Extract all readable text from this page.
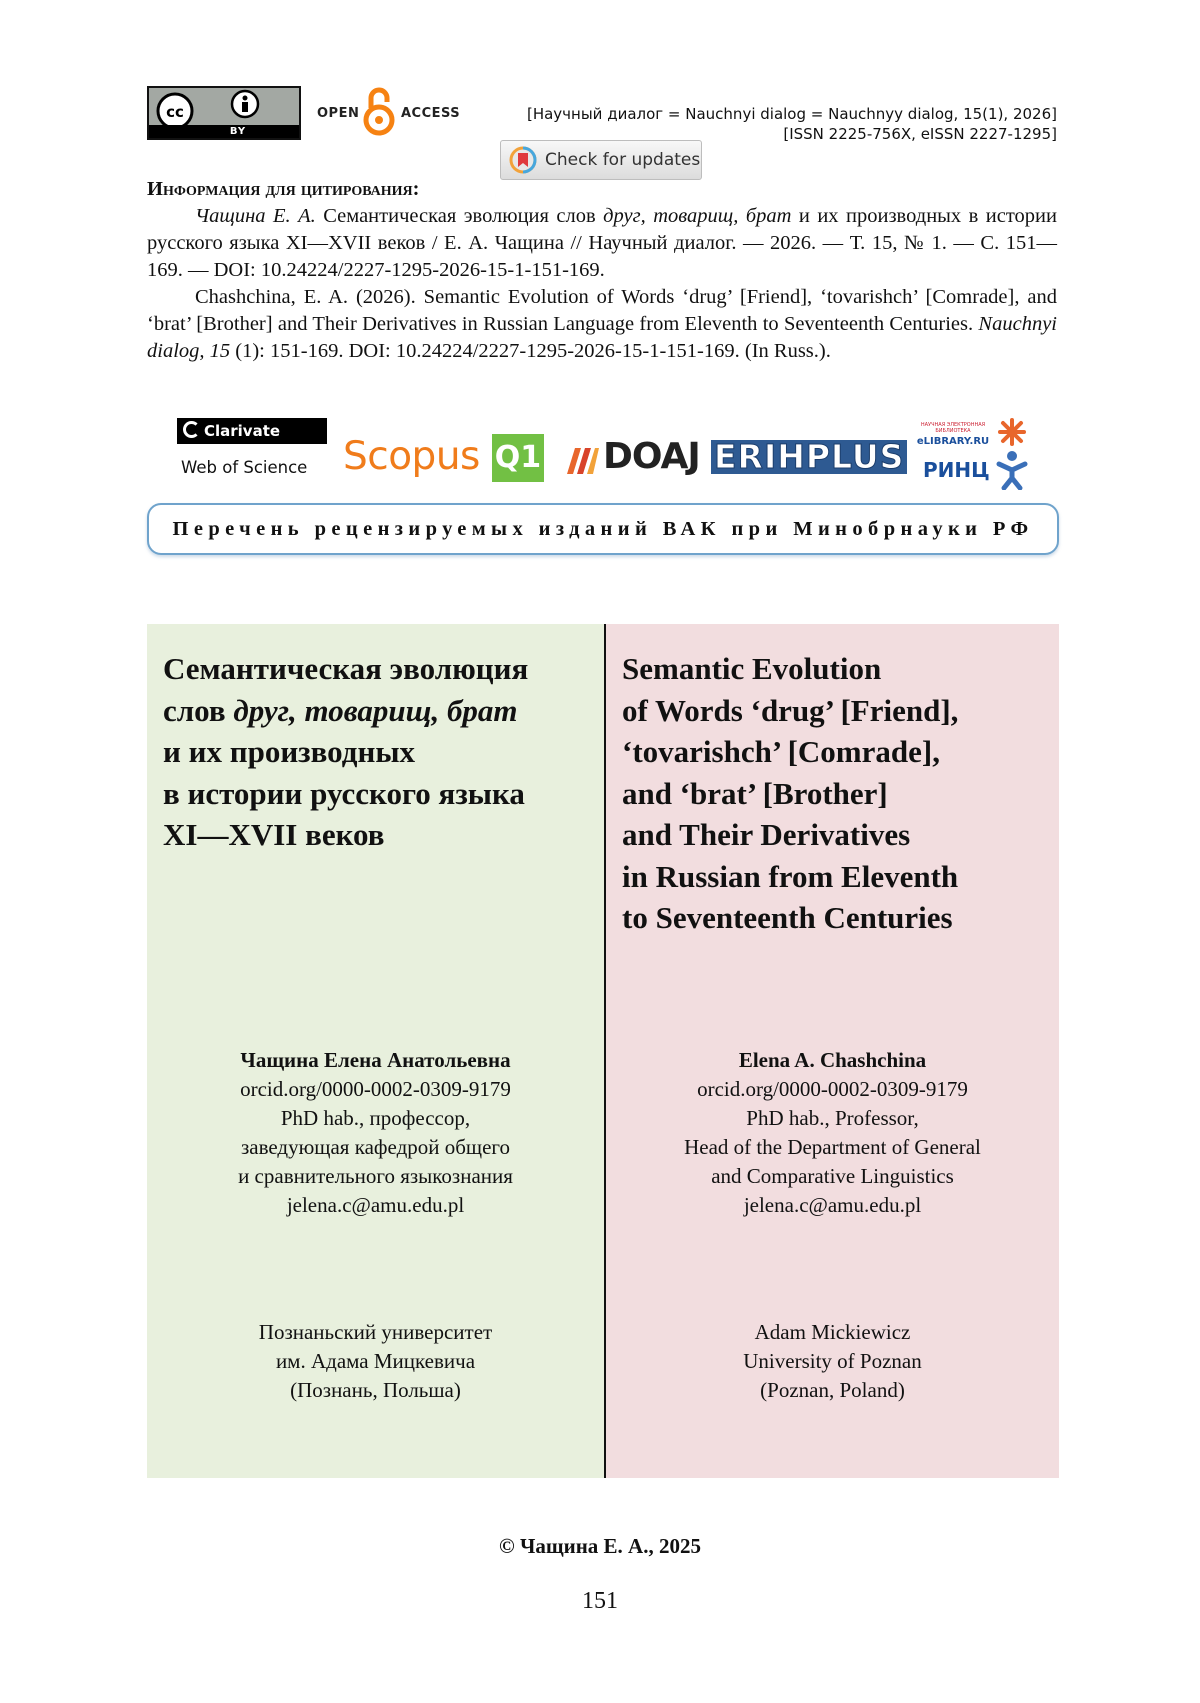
cc
BY
OPEN	ACCESS	[Научный диалог = Nauchnyi dialog = Nauchnyy dialog, 15(1), 2026]
[ISSN 2225-756X, eISSN 2227-1295]
Check for updates

Информация для цитирования:

Чащина Е. А. Семантическая эволюция слов друг, товарищ, брат и их производных в истории русского языка XI—XVII веков / Е. А. Чащина // Научный диалог. — 2026. — Т. 15, № 1. — С. 151—169. — DOI: 10.24224/2227-1295-2026-15-1-151-169.

Chashchina, E. A. (2026). Semantic Evolution of Words ‘drug’ [Friend], ‘tovarishch’ [Comrade], and ‘brat’ [Brother] and Their Derivatives in Russian Language from Eleventh to Seventeenth Centuries. Nauchnyi dialog, 15 (1): 151-169. DOI: 10.24224/2227-1295-2026-15-1-151-169. (In Russ.).

Clarivate
Web of Science Scopus Q1 DOAJ ERIHPLUS
НАУЧНАЯ ЭЛЕКТРОННАЯ БИБЛИОТЕКА
eLIBRARY.RU
РИНЦ
Перечень рецензируемых изданий ВАК при Минобрнауки РФ
Семантическая эволюция
слов друг, товарищ, брат
и их производных
в истории русского языка
XI—XVII веков
Чащина Елена Анатольевна
orcid.org/0000-0002-0309-9179
PhD hab., профессор,
заведующая кафедрой общего
и сравнительного языкознания
jelena.c@amu.edu.pl
Познаньский университет
им. Адама Мицкевича
(Познань, Польша)
Semantic Evolution
of Words ‘drug’ [Friend],
‘tovarishch’ [Comrade],
and ‘brat’ [Brother]
and Their Derivatives
in Russian from Eleventh
to Seventeenth Centuries
Elena A. Chashchina
orcid.org/0000-0002-0309-9179
PhD hab., Professor,
Head of the Department of General
and Comparative Linguistics
jelena.c@amu.edu.pl
Adam Mickiewicz
University of Poznan
(Poznan, Poland)
© Чащина Е. А., 2025
151
